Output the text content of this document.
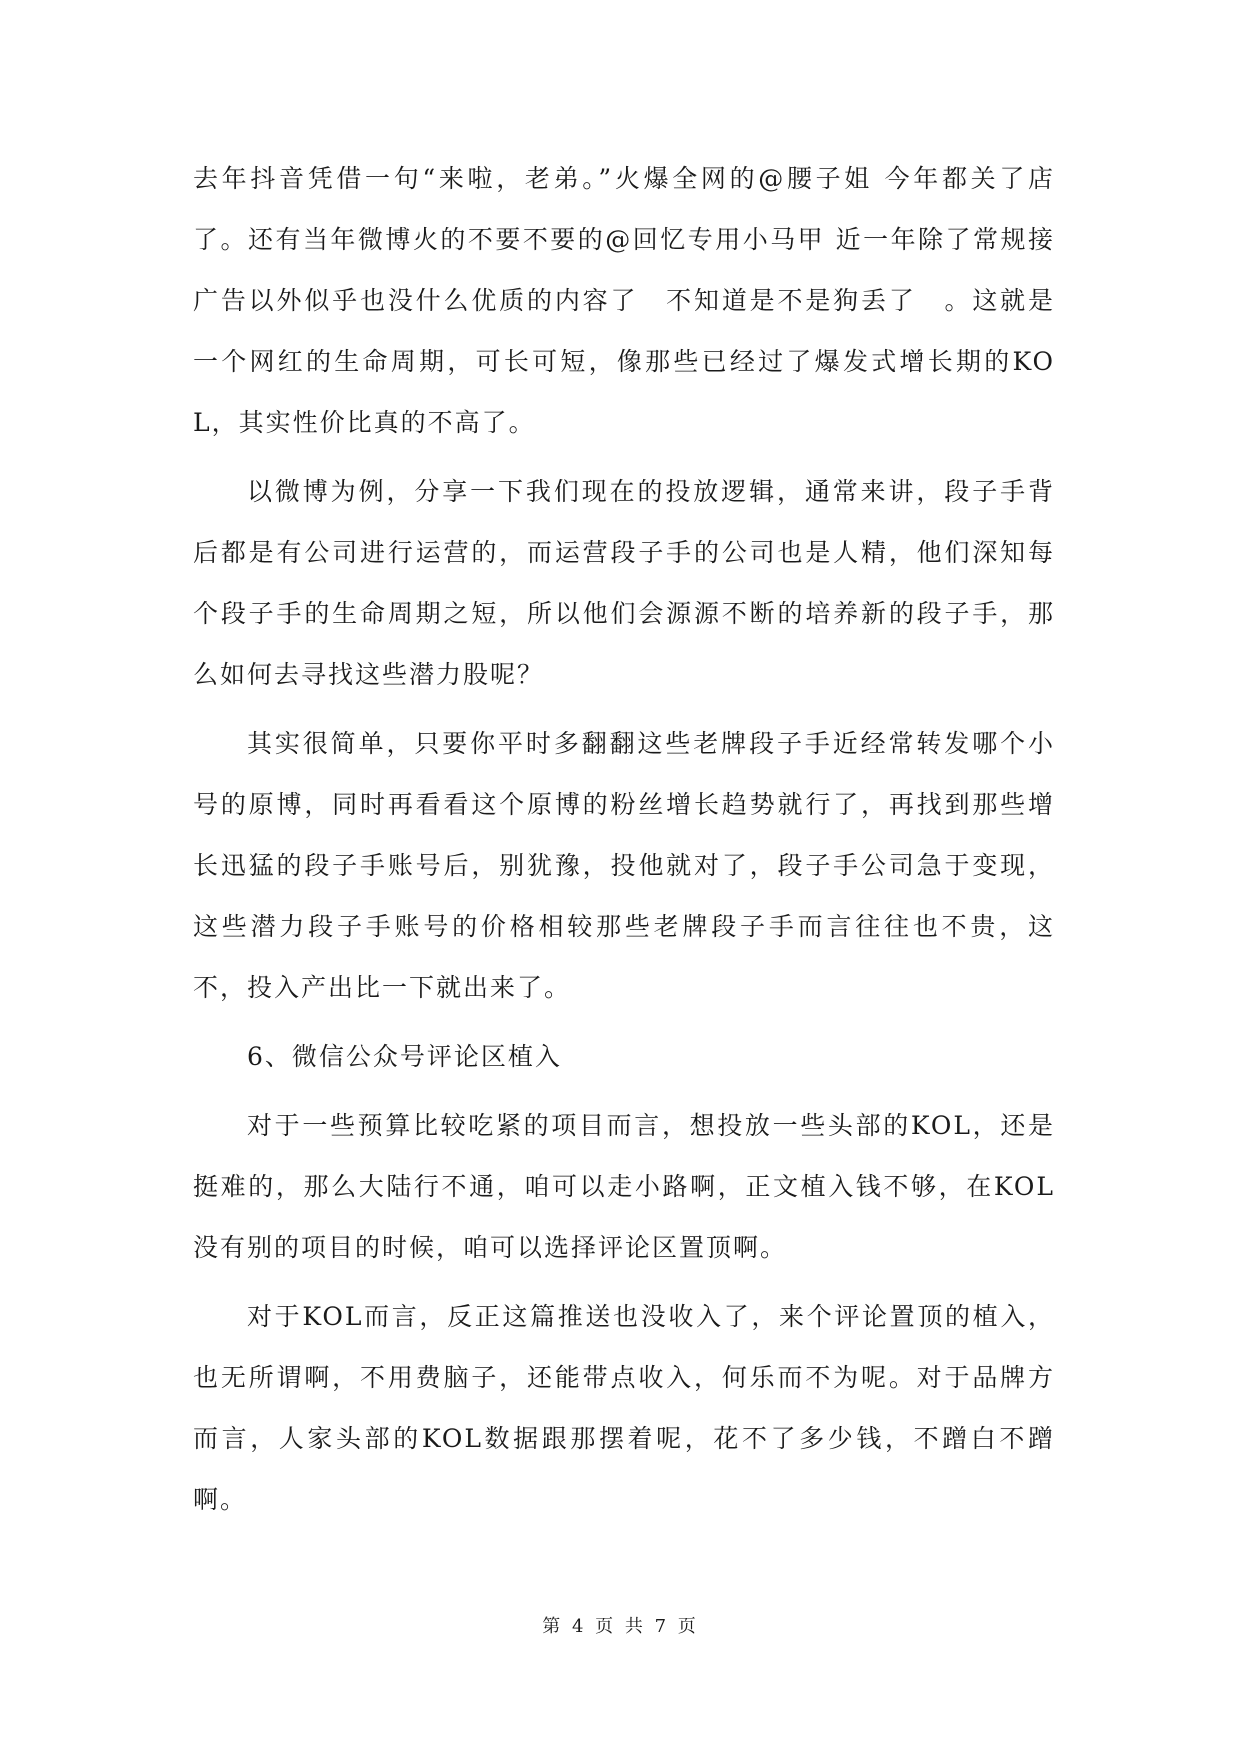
去年抖音凭借一句“来啦，老弟。”火爆全网的@腰子姐 今年都关了店了。还有当年微博火的不要不要的@回忆专用小马甲 近一年除了常规接广告以外似乎也没什么优质的内容了　不知道是不是狗丢了　。这就是一个网红的生命周期，可长可短，像那些已经过了爆发式增长期的KOL，其实性价比真的不高了。

以微博为例，分享一下我们现在的投放逻辑，通常来讲，段子手背后都是有公司进行运营的，而运营段子手的公司也是人精，他们深知每个段子手的生命周期之短，所以他们会源源不断的培养新的段子手，那么如何去寻找这些潜力股呢？

其实很简单，只要你平时多翻翻这些老牌段子手近经常转发哪个小号的原博，同时再看看这个原博的粉丝增长趋势就行了，再找到那些增长迅猛的段子手账号后，别犹豫，投他就对了，段子手公司急于变现，这些潜力段子手账号的价格相较那些老牌段子手而言往往也不贵，这不，投入产出比一下就出来了。

6、微信公众号评论区植入

对于一些预算比较吃紧的项目而言，想投放一些头部的KOL，还是挺难的，那么大陆行不通，咱可以走小路啊，正文植入钱不够，在KOL没有别的项目的时候，咱可以选择评论区置顶啊。

对于KOL而言，反正这篇推送也没收入了，来个评论置顶的植入，也无所谓啊，不用费脑子，还能带点收入，何乐而不为呢。对于品牌方而言，人家头部的KOL数据跟那摆着呢，花不了多少钱，不蹭白不蹭啊。

第 4 页 共 7 页
